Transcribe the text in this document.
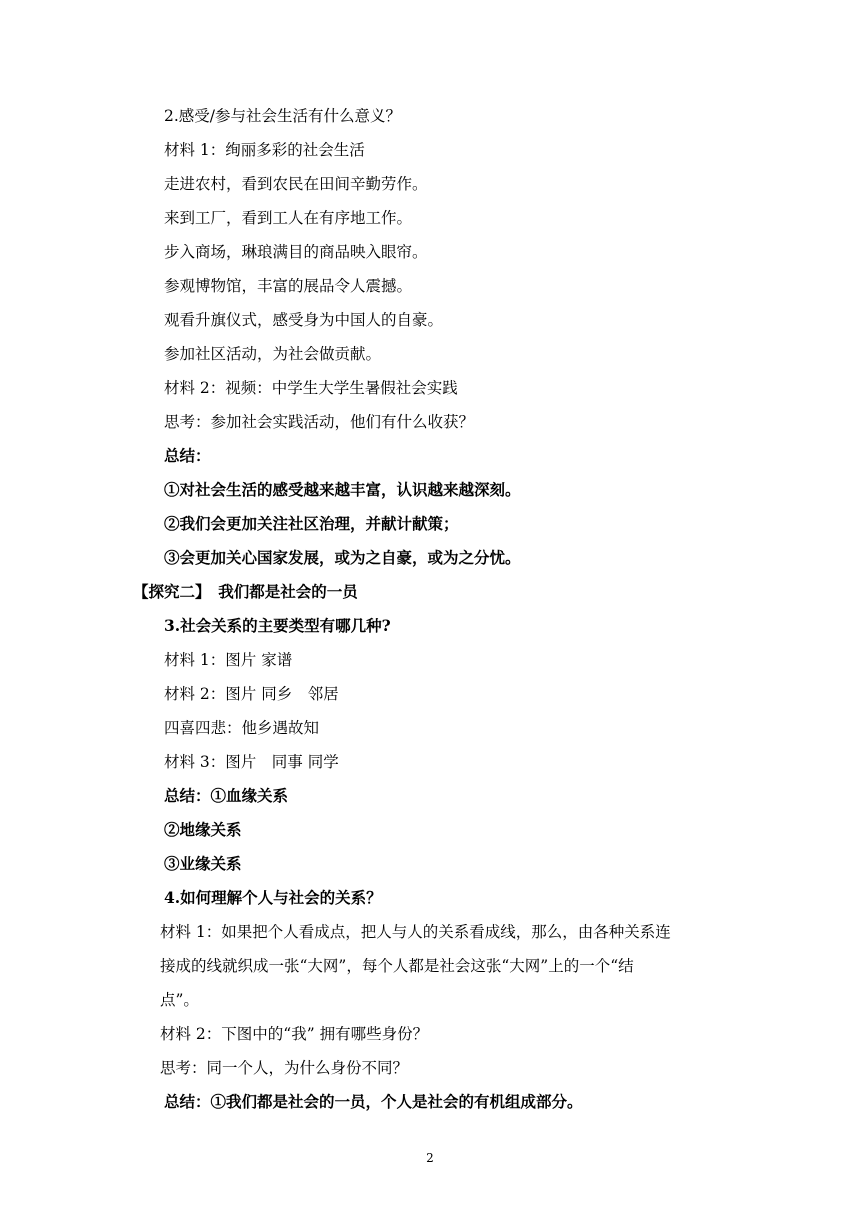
2.感受/参与社会生活有什么意义？
材料 1：绚丽多彩的社会生活
走进农村，看到农民在田间辛勤劳作。
来到工厂，看到工人在有序地工作。
步入商场，琳琅满目的商品映入眼帘。
参观博物馆，丰富的展品令人震撼。
观看升旗仪式，感受身为中国人的自豪。
参加社区活动，为社会做贡献。
材料 2：视频：中学生大学生暑假社会实践
思考：参加社会实践活动，他们有什么收获？
总结：
①对社会生活的感受越来越丰富，认识越来越深刻。
②我们会更加关注社区治理，并献计献策；
③会更加关心国家发展，或为之自豪，或为之分忧。
【探究二】　我们都是社会的一员
3.社会关系的主要类型有哪几种?
材料 1：图片 家谱
材料 2：图片 同乡　邻居
四喜四悲：他乡遇故知
材料 3：图片　同事 同学
总结：①血缘关系
②地缘关系
③业缘关系
4.如何理解个人与社会的关系？
材料 1：如果把个人看成点，把人与人的关系看成线，那么，由各种关系连
接成的线就织成一张“大网”，每个人都是社会这张“大网”上的一个“结
点”。
材料 2：下图中的“我” 拥有哪些身份？
思考：同一个人，为什么身份不同？
总结：①我们都是社会的一员，个人是社会的有机组成部分。
2
